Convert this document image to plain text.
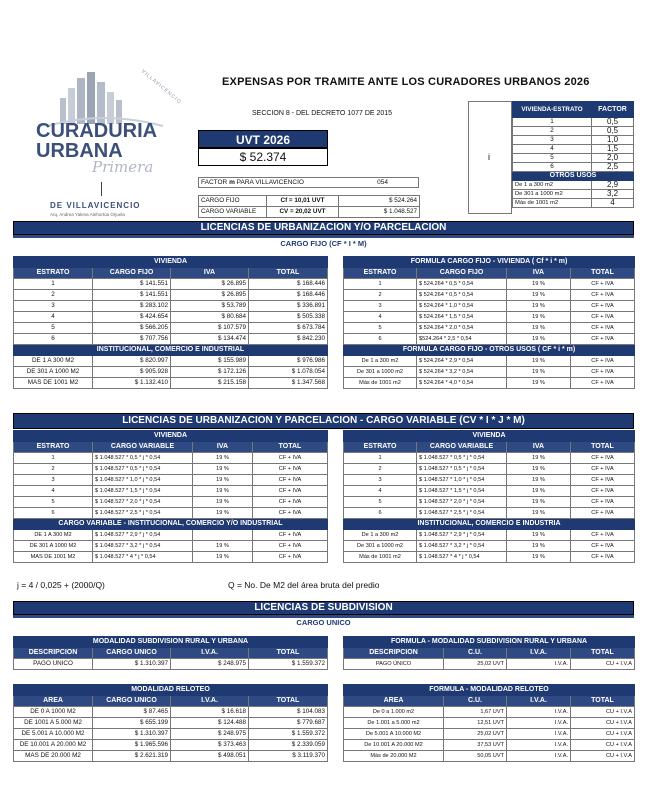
VILLAVICENCIO
CURADURIA
URBANA
Primera
DE VILLAVICENCIO
Arq. Andrea Yalena Atehortúa Orjuela
EXPENSAS POR TRAMITE ANTE LOS CURADORES URBANOS 2026
SECCION 8 - DEL DECRETO 1077 DE 2015
UVT 2026
$ 52.374
FACTOR m PARA VILLAVICENCIO	054
CARGO FIJO	Cf = 10,01 UVT	$ 524.264
CARGO VARIABLE	CV = 20,02 UVT	$ 1.048.527
i
VIVIENDA-ESTRATO	FACTOR
1	0,5
2	0,5
3	1,0
4	1,5
5	2,0
6	2,5
OTROS USOS	
De 1 a 300 m2	2,9
De 301 a 1000 m2	3,2
Más de 1001 m2	4
LICENCIAS DE URBANIZACION Y/O PARCELACION
CARGO FIJO (CF * I * M)
VIVIENDA			
ESTRATO	CARGO FIJO	IVA	TOTAL
1	$ 141.551	$ 26.895	$ 168.446
2	$ 141.551	$ 26.895	$ 168.446
3	$ 283.102	$ 53.789	$ 336.891
4	$ 424.654	$ 80.684	$ 505.338
5	$ 566.205	$ 107.579	$ 673.784
6	$ 707.756	$ 134.474	$ 842.230
INSTITUCIONAL, COMERCIO E INDUSTRIAL			
DE 1 A 300 M2	$ 820.997	$ 155.989	$ 976.986
DE 301 A 1000 M2	$ 905.928	$ 172.126	$ 1.078.054
MAS DE 1001 M2	$ 1.132.410	$ 215.158	$ 1.347.568
FORMULA CARGO FIJO - VIVIENDA ( Cf * i * m)			
ESTRATO	CARGO FIJO	IVA	TOTAL
1	$ 524.264 * 0,5 * 0,54	19 %	CF + IVA
2	$ 524.264 * 0,5 * 0,54	19 %	CF + IVA
3	$ 524.264 * 1,0 * 0,54	19 %	CF + IVA
4	$ 524.264 * 1,5 * 0,54	19 %	CF + IVA
5	$ 524.264 * 2,0 * 0,54	19 %	CF + IVA
6	$524.264 * 2,5 * 0,54	19 %	CF + IVA
FORMULA CARGO FIJO - OTROS USOS ( CF * i * m)			
De 1 a 300 m2	$ 524.264 * 2,9 * 0,54	19 %	CF + IVA
De 301 a 1000 m2	$ 524.264 * 3,2 * 0,54	19 %	CF + IVA
Más de 1001 m2	$ 524.264 * 4,0 * 0,54	19 %	CF + IVA
LICENCIAS DE URBANIZACION Y PARCELACION - CARGO VARIABLE (CV * I * J * M)
VIVIENDA			
ESTRATO	CARGO VARIABLE	IVA	TOTAL
1	$ 1.048.527 * 0,5 * j * 0,54	19 %	CF + IVA
2	$ 1.048.527 * 0,5 * j * 0,54	19 %	CF + IVA
3	$ 1.048.527 * 1,0 * j * 0,54	19 %	CF + IVA
4	$ 1.048.527 * 1,5 * j * 0,54	19 %	CF + IVA
5	$ 1.048.527 * 2,0 * j * 0,54	19 %	CF + IVA
6	$ 1.048.527 * 2,5 * j * 0,54	19 %	CF + IVA
CARGO VARIABLE - INSTITUCIONAL, COMERCIO Y/O INDUSTRIAL			
DE 1 A 300 M2	$ 1.048.527 * 2,9 * j * 0,54		CF + IVA
DE 301 A 1000 M2	$ 1.048.527 * 3,2 * j * 0,54	19 %	CF + IVA
MAS DE 1001 M2	$ 1.048.527 * 4 * j * 0,54	19 %	CF + IVA
VIVIENDA			
ESTRATO	CARGO VARIABLE	IVA	TOTAL
1	$ 1.048.527 * 0,5 * j * 0,54	19 %	CF + IVA
2	$ 1.048.527 * 0,5 * j * 0,54	19 %	CF + IVA
3	$ 1.048.527 * 1,0 * j * 0,54	19 %	CF + IVA
4	$ 1.048.527 * 1,5 * j * 0,54	19 %	CF + IVA
5	$ 1.048.527 * 2,0 * j * 0,54	19 %	CF + IVA
6	$ 1.048.527 * 2,5 * j * 0,54	19 %	CF + IVA
INSTITUCIONAL, COMERCIO E INDUSTRIA			
De 1 a 300 m2	$ 1.048.527 * 2,9 * j * 0,54	19 %	CF + IVA
De 301 a 1000 m2	$ 1.048.527 * 3,2 * j * 0,54	19 %	CF + IVA
Más de 1001 m2	$ 1.048.527 * 4 * j * 0,54	19 %	CF + IVA
j = 4 / 0,025 + (2000/Q)	Q = No. De M2 del área bruta del predio
LICENCIAS DE SUBDIVISION
CARGO UNICO
MODALIDAD SUBDIVISION RURAL Y URBANA			
DESCRIPCION	CARGO UNICO	I.V.A.	TOTAL
PAGO UNICO	$ 1.310.397	$ 248.975	$ 1.559.372
FORMULA - MODALIDAD SUBDIVISION RURAL Y URBANA			
DESCRIPCION	C.U.	I.V.A.	TOTAL
PAGO ÚNICO	25,02 UVT	I.V.A.	CU + I.V.A
MODALIDAD RELOTEO			
AREA	CARGO UNICO	I.V.A.	TOTAL
DE 0 A 1000 M2	$ 87.465	$ 16.618	$ 104.083
DE 1001 A 5.000 M2	$ 655.199	$ 124.488	$ 779.687
DE 5.001 A 10.000 M2	$ 1.310.397	$ 248.975	$ 1.559.372
DE 10.001 A 20.000 M2	$ 1.965.596	$ 373.463	$ 2.339.059
MAS DE 20.000 M2	$ 2.621.319	$ 498.051	$ 3.119.370
FORMULA - MODALIDAD RELOTEO			
AREA	C.U.	I.V.A.	TOTAL
De 0 a 1.000 m2	1,67 UVT	I.V.A.	CU + I.V.A
De 1.001 a 5.000 m2	12,51 UVT	I.V.A.	CU + I.V.A
De 5.001 A 10.000 M2	25,02 UVT	I.V.A.	CU + I.V.A
De 10.001 A 20.000 M2	37,53 UVT	I.V.A.	CU + I.V.A
Más de 20.000 M2	50,05 UVT	I.V.A.	CU + I.V.A
